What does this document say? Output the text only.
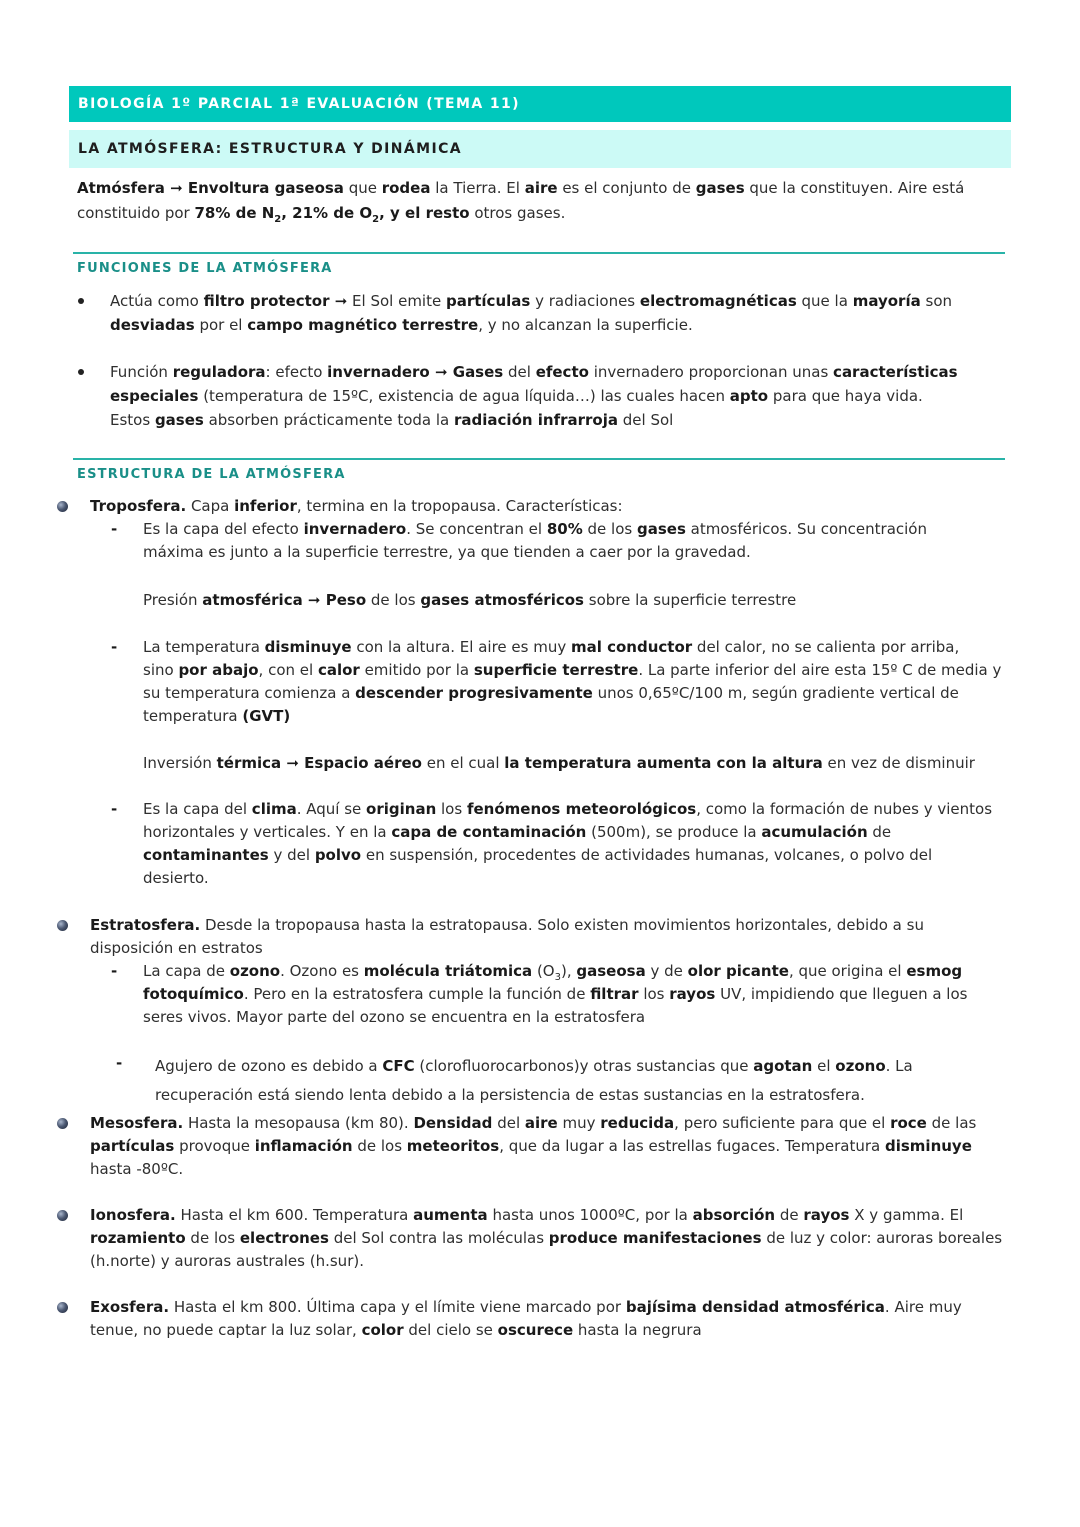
BIOLOGÍA 1º PARCIAL 1ª EVALUACIÓN (TEMA 11)
LA ATMÓSFERA: ESTRUCTURA Y DINÁMICA

Atmósfera ➞ Envoltura gaseosa que rodea la Tierra. El aire es el conjunto de gases que la constituyen. Aire está

constituido por 78% de $N_2$, 21% de $O_2$, y el resto otros gases.

FUNCIONES DE LA ATMÓSFERA

Actúa como filtro protector ➞ El Sol emite partículas y radiaciones electromagnéticas que la mayoría son

desviadas por el campo magnético terrestre, y no alcanzan la superficie.

Función reguladora: efecto invernadero ➞ Gases del efecto invernadero proporcionan unas características

especiales (temperatura de 15ºC, existencia de agua líquida…) las cuales hacen apto para que haya vida.

Estos gases absorben prácticamente toda la radiación infrarroja del Sol

ESTRUCTURA DE LA ATMÓSFERA
Troposfera. Capa inferior, termina en la tropopausa. Características:
- Es la capa del efecto invernadero. Se concentran el 80% de los gases atmosféricos. Su concentración

máxima es junto a la superficie terrestre, ya que tienden a caer por la gravedad.

Presión atmosférica ➞ Peso de los gases atmosféricos sobre la superficie terrestre
- La temperatura disminuye con la altura. El aire es muy mal conductor del calor, no se calienta por arriba,

sino por abajo, con el calor emitido por la superficie terrestre. La parte inferior del aire esta 15º C de media y

su temperatura comienza a descender progresivamente unos 0,65ºC/100 m, según gradiente vertical de

temperatura (GVT)

Inversión térmica ➞ Espacio aéreo en el cual la temperatura aumenta con la altura en vez de disminuir
- Es la capa del clima. Aquí se originan los fenómenos meteorológicos, como la formación de nubes y vientos

horizontales y verticales. Y en la capa de contaminación (500m), se produce la acumulación de

contaminantes y del polvo en suspensión, procedentes de actividades humanas, volcanes, o polvo del

desierto.

Estratosfera. Desde la tropopausa hasta la estratopausa. Solo existen movimientos horizontales, debido a su

disposición en estratos

- La capa de ozono. Ozono es molécula triátomica $(O_3)$, gaseosa y de olor picante, que origina el esmog

fotoquímico. Pero en la estratosfera cumple la función de filtrar los rayos UV, impidiendo que lleguen a los

seres vivos. Mayor parte del ozono se encuentra en la estratosfera

- Agujero de ozono es debido a CFC (clorofluorocarbonos)y otras sustancias que agotan el ozono. La

recuperación está siendo lenta debido a la persistencia de estas sustancias en la estratosfera.

Mesosfera. Hasta la mesopausa (km 80). Densidad del aire muy reducida, pero suficiente para que el roce de las

partículas provoque inflamación de los meteoritos, que da lugar a las estrellas fugaces. Temperatura disminuye

hasta -80ºC.

Ionosfera. Hasta el km 600. Temperatura aumenta hasta unos 1000ºC, por la absorción de rayos X y gamma. El

rozamiento de los electrones del Sol contra las moléculas produce manifestaciones de luz y color: auroras boreales

(h.norte) y auroras australes (h.sur).

Exosfera. Hasta el km 800. Última capa y el límite viene marcado por bajísima densidad atmosférica. Aire muy

tenue, no puede captar la luz solar, color del cielo se oscurece hasta la negrura
